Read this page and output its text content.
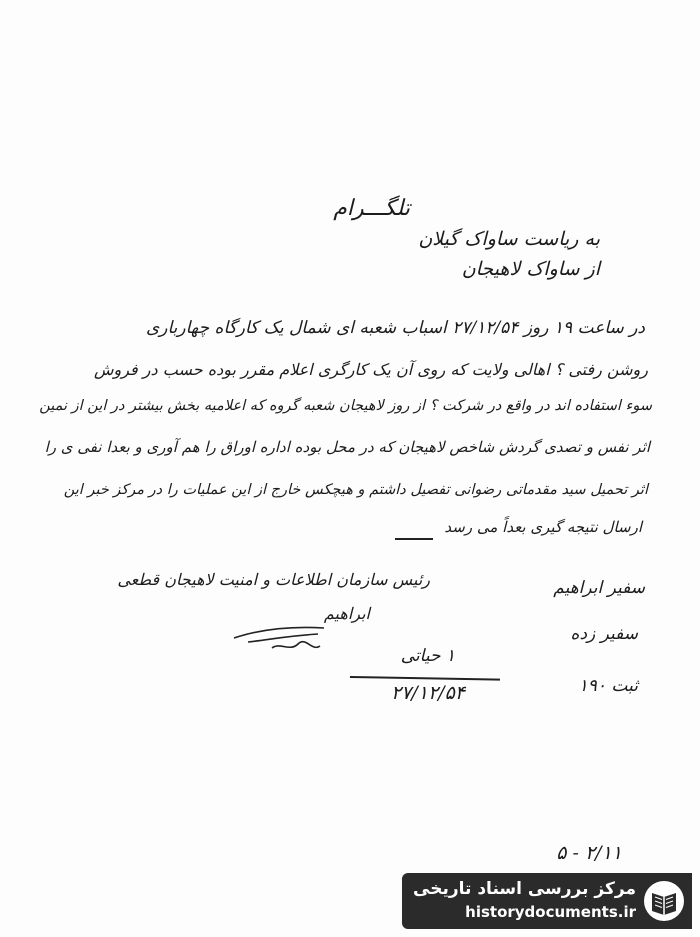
تلگـــرام
به ریاست ساواک گیلان
از ساواک لاهیجان
در ساعت ۱۹ روز ۲۷/۱۲/۵۴ اسباب شعبه ای شمال یک کارگاه چهارباری
روشن رفتی ؟ اهالی ولایت که روی آن یک کارگری اعلام مقرر بوده حسب در فروش
سوء استفاده اند در واقع در شرکت ؟ از روز لاهیجان شعبه گروه که اعلامیه بخش بیشتر در این از نمین
اثر نفس و تصدی گردش شاخص لاهیجان که در محل بوده اداره اوراق را هم آوری و بعدا نفی ی را
اثر تحمیل سید مقدماتی رضوانی تفصیل داشتم و هیچکس خارج از این عملیات را در مرکز خبر این
ارسال نتیجه گیری بعداً می رسد
رئیس سازمان اطلاعات و امنیت لاهیجان قطعی
ابراهیم
سفیر ابراهیم
سفیر زده
ثبت ۱۹۰
۱ حیاتی
۲۷/۱۲/۵۴
۲/۱۱ - ۵
مرکز بررسی اسناد تاریخی
historydocuments.ir
